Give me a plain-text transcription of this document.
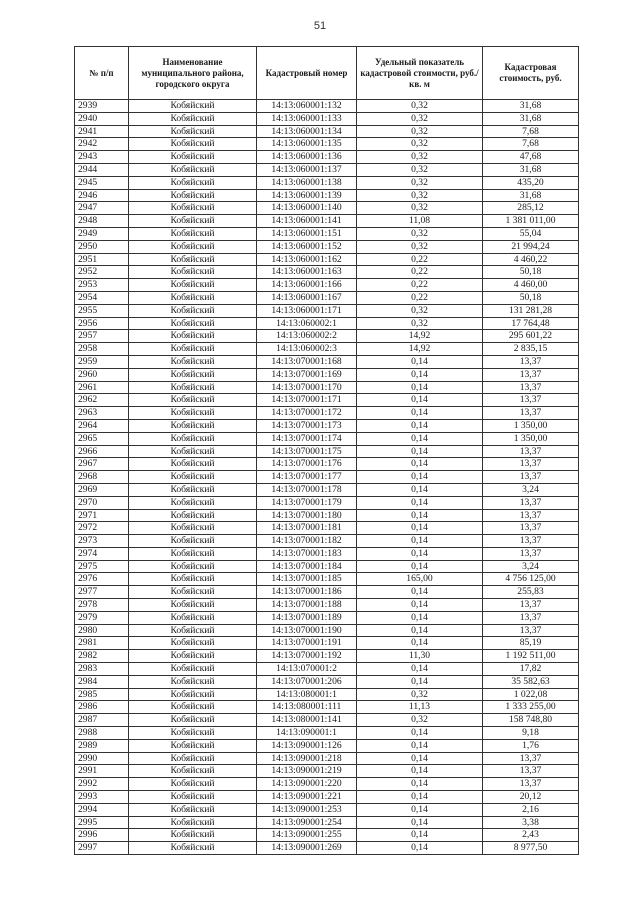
51
№ п/п	Наименование муниципального района, городского округа	Кадастровый номер	Удельный показатель кадастровой стоимости, руб./кв. м	Кадастровая стоимость, руб.
2939	Кобяйский	14:13:060001:132	0,32	31,68
2940	Кобяйский	14:13:060001:133	0,32	31,68
2941	Кобяйский	14:13:060001:134	0,32	7,68
2942	Кобяйский	14:13:060001:135	0,32	7,68
2943	Кобяйский	14:13:060001:136	0,32	47,68
2944	Кобяйский	14:13:060001:137	0,32	31,68
2945	Кобяйский	14:13:060001:138	0,32	435,20
2946	Кобяйский	14:13:060001:139	0,32	31,68
2947	Кобяйский	14:13:060001:140	0,32	285,12
2948	Кобяйский	14:13:060001:141	11,08	1 381 011,00
2949	Кобяйский	14:13:060001:151	0,32	55,04
2950	Кобяйский	14:13:060001:152	0,32	21 994,24
2951	Кобяйский	14:13:060001:162	0,22	4 460,22
2952	Кобяйский	14:13:060001:163	0,22	50,18
2953	Кобяйский	14:13:060001:166	0,22	4 460,00
2954	Кобяйский	14:13:060001:167	0,22	50,18
2955	Кобяйский	14:13:060001:171	0,32	131 281,28
2956	Кобяйский	14:13:060002:1	0,32	17 764,48
2957	Кобяйский	14:13:060002:2	14,92	295 601,22
2958	Кобяйский	14:13:060002:3	14,92	2 835,15
2959	Кобяйский	14:13:070001:168	0,14	13,37
2960	Кобяйский	14:13:070001:169	0,14	13,37
2961	Кобяйский	14:13:070001:170	0,14	13,37
2962	Кобяйский	14:13:070001:171	0,14	13,37
2963	Кобяйский	14:13:070001:172	0,14	13,37
2964	Кобяйский	14:13:070001:173	0,14	1 350,00
2965	Кобяйский	14:13:070001:174	0,14	1 350,00
2966	Кобяйский	14:13:070001:175	0,14	13,37
2967	Кобяйский	14:13:070001:176	0,14	13,37
2968	Кобяйский	14:13:070001:177	0,14	13,37
2969	Кобяйский	14:13:070001:178	0,14	3,24
2970	Кобяйский	14:13:070001:179	0,14	13,37
2971	Кобяйский	14:13:070001:180	0,14	13,37
2972	Кобяйский	14:13:070001:181	0,14	13,37
2973	Кобяйский	14:13:070001:182	0,14	13,37
2974	Кобяйский	14:13:070001:183	0,14	13,37
2975	Кобяйский	14:13:070001:184	0,14	3,24
2976	Кобяйский	14:13:070001:185	165,00	4 756 125,00
2977	Кобяйский	14:13:070001:186	0,14	255,83
2978	Кобяйский	14:13:070001:188	0,14	13,37
2979	Кобяйский	14:13:070001:189	0,14	13,37
2980	Кобяйский	14:13:070001:190	0,14	13,37
2981	Кобяйский	14:13:070001:191	0,14	85,19
2982	Кобяйский	14:13:070001:192	11,30	1 192 511,00
2983	Кобяйский	14:13:070001:2	0,14	17,82
2984	Кобяйский	14:13:070001:206	0,14	35 582,63
2985	Кобяйский	14:13:080001:1	0,32	1 022,08
2986	Кобяйский	14:13:080001:111	11,13	1 333 255,00
2987	Кобяйский	14:13:080001:141	0,32	158 748,80
2988	Кобяйский	14:13:090001:1	0,14	9,18
2989	Кобяйский	14:13:090001:126	0,14	1,76
2990	Кобяйский	14:13:090001:218	0,14	13,37
2991	Кобяйский	14:13:090001:219	0,14	13,37
2992	Кобяйский	14:13:090001:220	0,14	13,37
2993	Кобяйский	14:13:090001:221	0,14	20,12
2994	Кобяйский	14:13:090001:253	0,14	2,16
2995	Кобяйский	14:13:090001:254	0,14	3,38
2996	Кобяйский	14:13:090001:255	0,14	2,43
2997	Кобяйский	14:13:090001:269	0,14	8 977,50
